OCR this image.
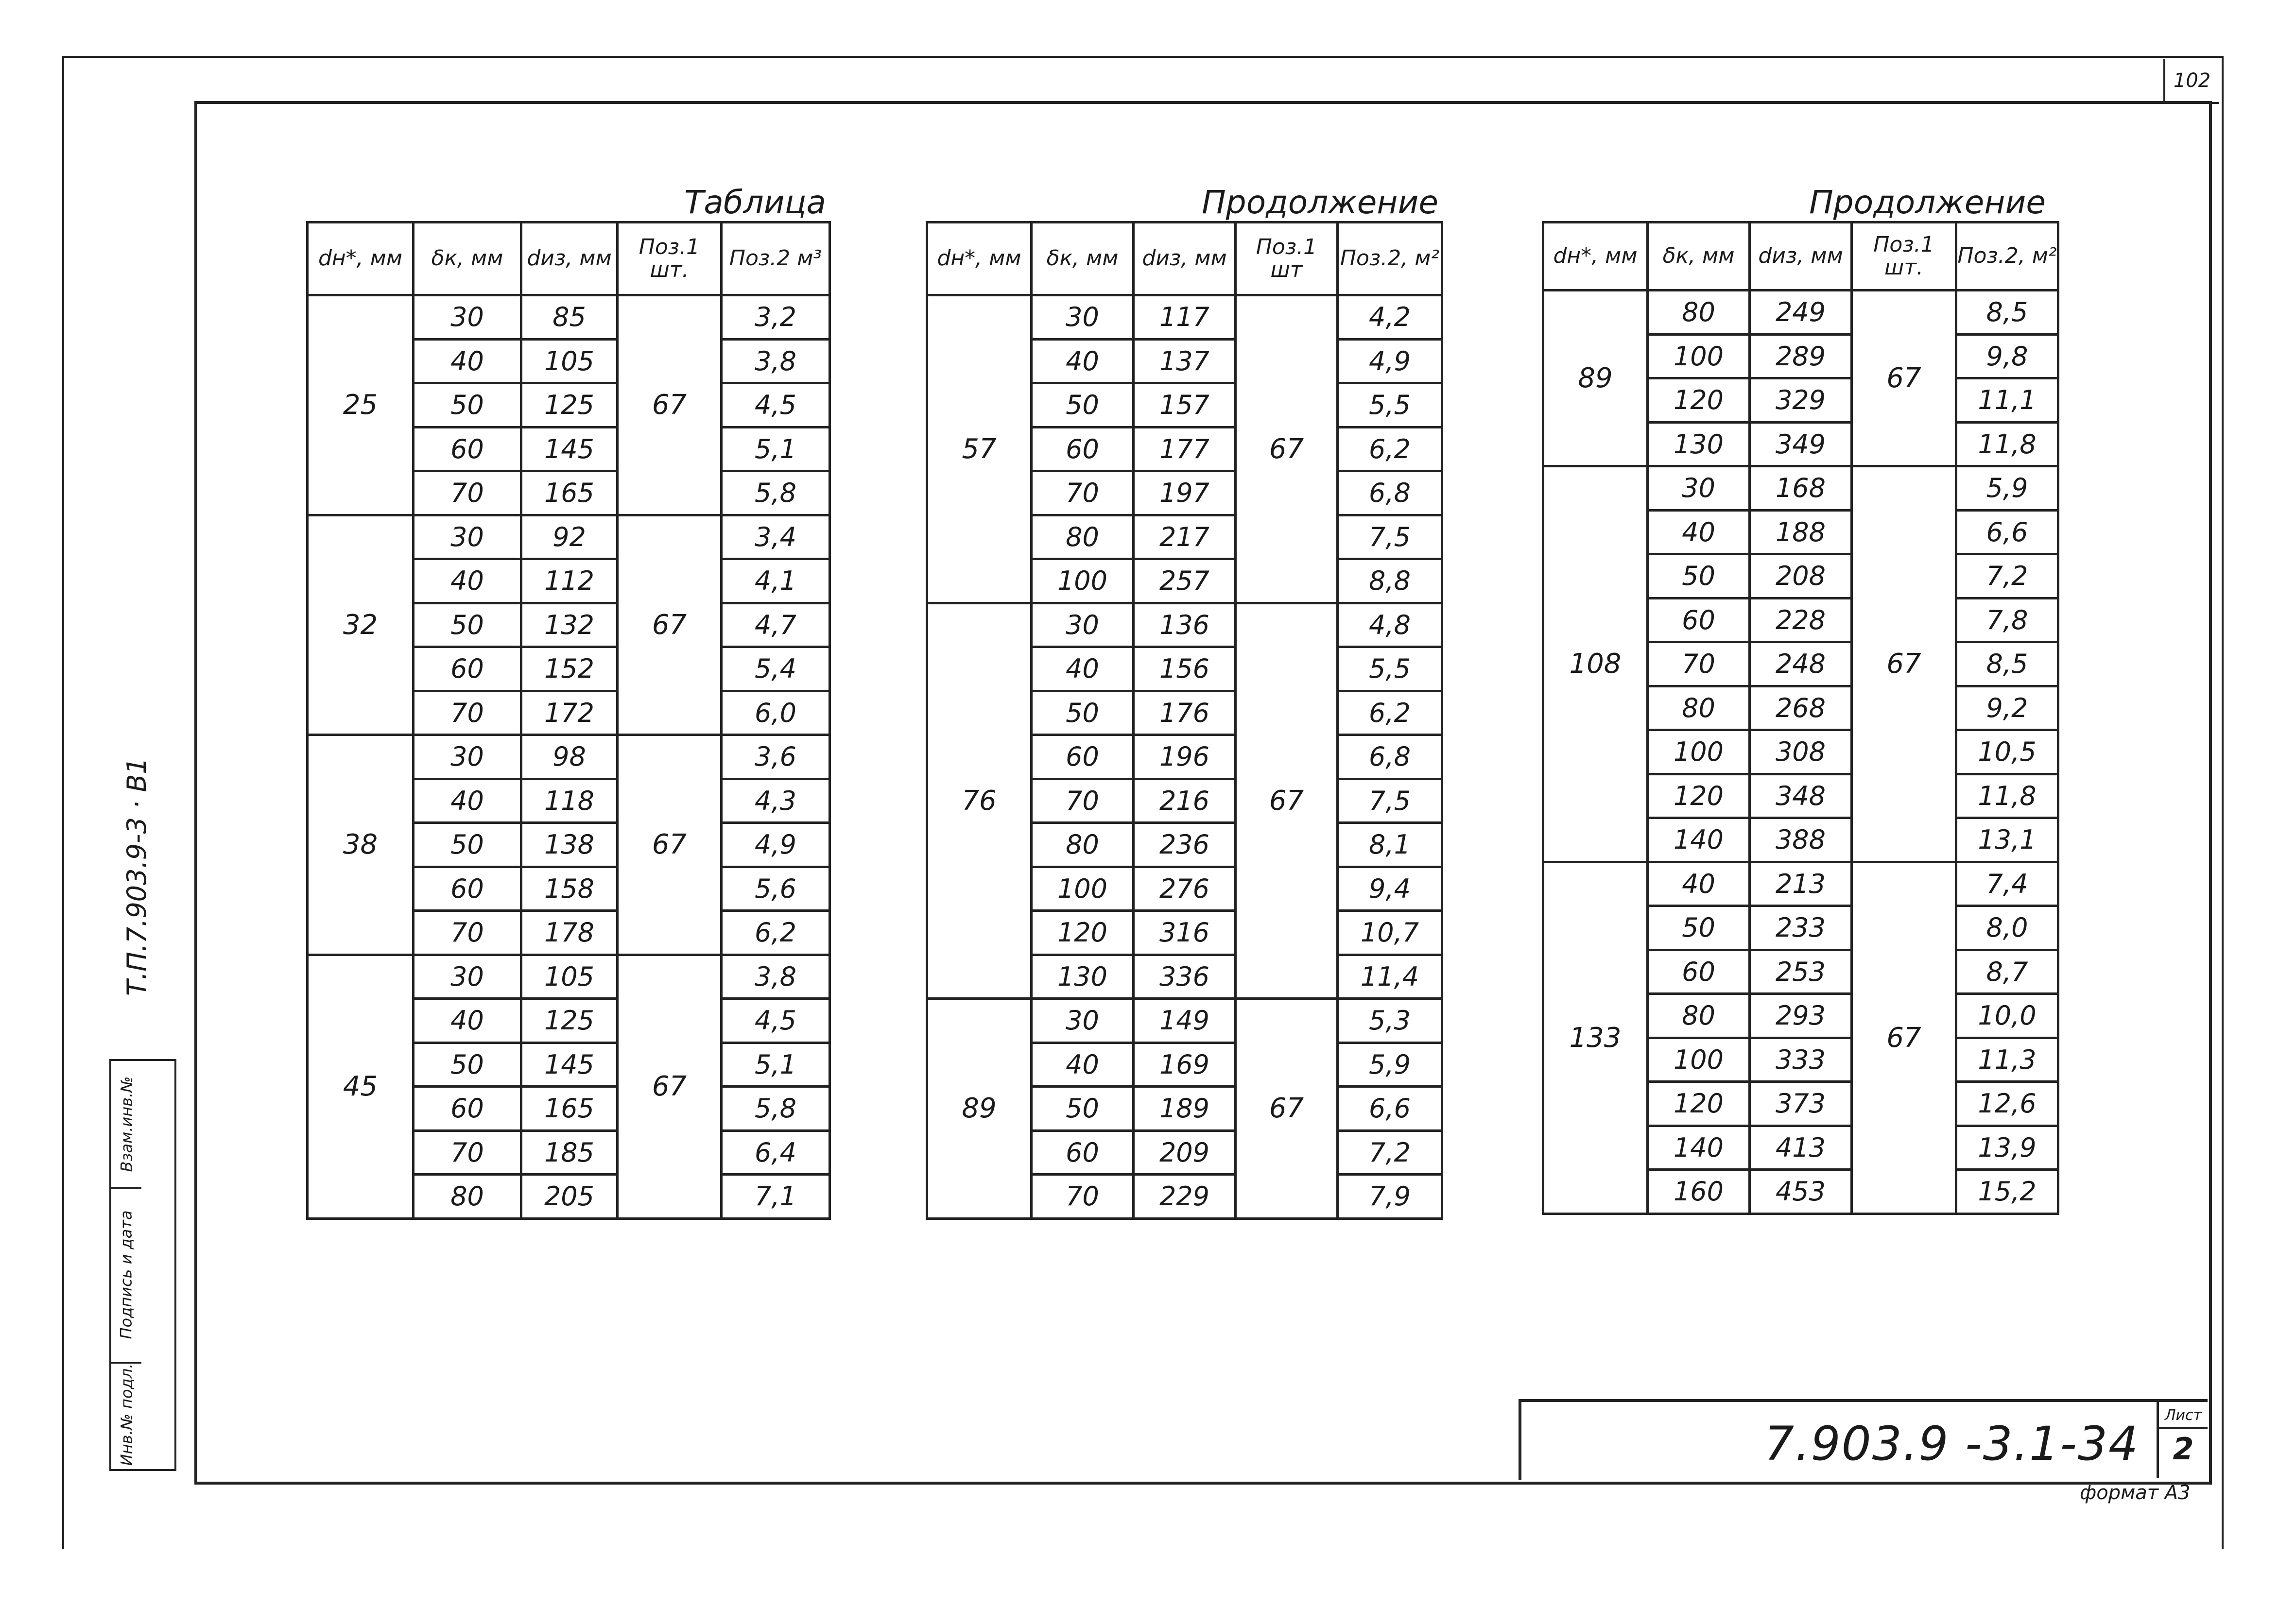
102
Т.П.7.903.9-3 · В1
Взам.инв.№
Подпись и дата
Инв.№ подл.
Таблица
dн*, мм	δк, мм	dиз, мм	Поз.1 шт.	Поз.2 м³
25	30	85	67	3,2
	40	105		3,8
	50	125		4,5
	60	145		5,1
	70	165		5,8
32	30	92	67	3,4
	40	112		4,1
	50	132		4,7
	60	152		5,4
	70	172		6,0
38	30	98	67	3,6
	40	118		4,3
	50	138		4,9
	60	158		5,6
	70	178		6,2
45	30	105	67	3,8
	40	125		4,5
	50	145		5,1
	60	165		5,8
	70	185		6,4
	80	205		7,1
Продолжение
dн*, мм	δк, мм	dиз, мм	Поз.1 шт	Поз.2, м²
57	30	117	67	4,2
	40	137		4,9
	50	157		5,5
	60	177		6,2
	70	197		6,8
	80	217		7,5
	100	257		8,8
76	30	136	67	4,8
	40	156		5,5
	50	176		6,2
	60	196		6,8
	70	216		7,5
	80	236		8,1
	100	276		9,4
	120	316		10,7
	130	336		11,4
89	30	149	67	5,3
	40	169		5,9
	50	189		6,6
	60	209		7,2
	70	229		7,9
Продолжение
dн*, мм	δк, мм	dиз, мм	Поз.1 шт.	Поз.2, м²
89	80	249	67	8,5
	100	289		9,8
	120	329		11,1
	130	349		11,8
108	30	168	67	5,9
	40	188		6,6
	50	208		7,2
	60	228		7,8
	70	248		8,5
	80	268		9,2
	100	308		10,5
	120	348		11,8
	140	388		13,1
133	40	213	67	7,4
	50	233		8,0
	60	253		8,7
	80	293		10,0
	100	333		11,3
	120	373		12,6
	140	413		13,9
	160	453		15,2
7.903.9 -3.1-34
Лист
2
формат А3
